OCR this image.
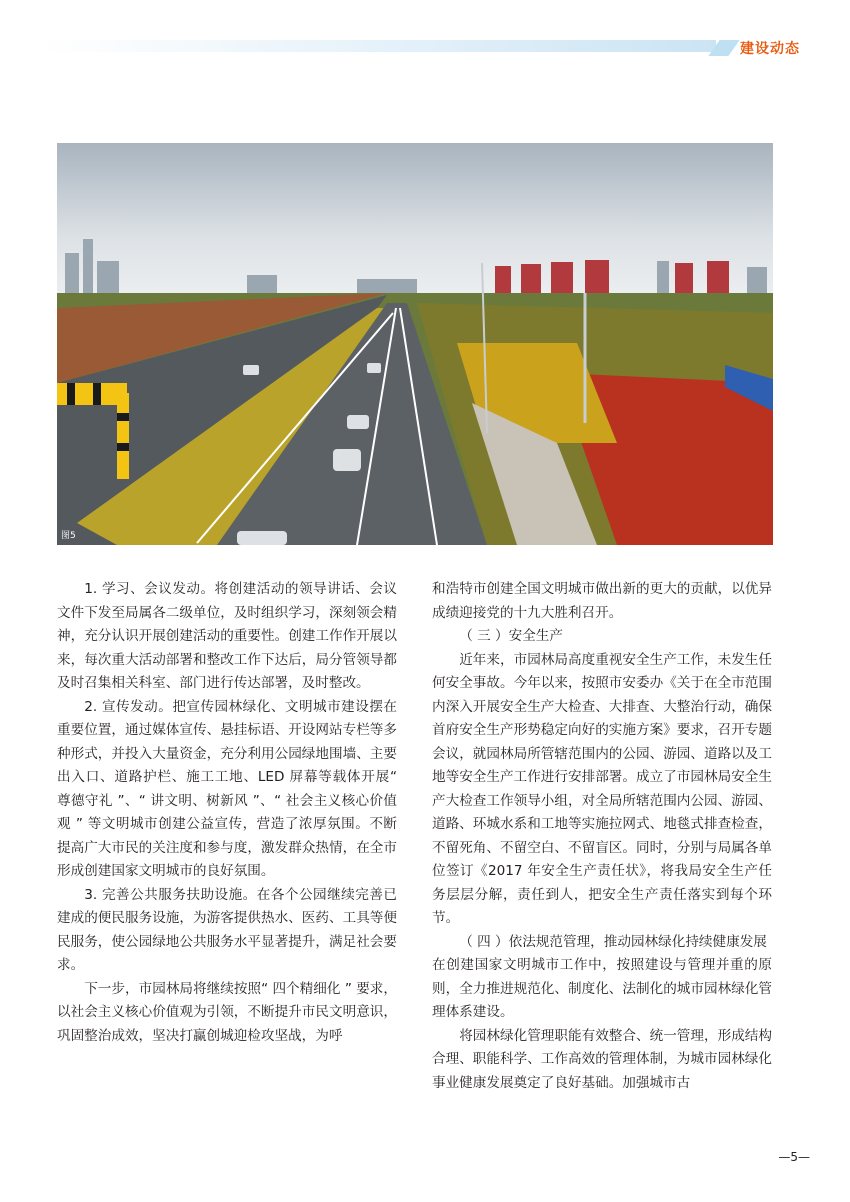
建设动态
图5

1. 学习、会议发动。将创建活动的领导讲话、会议文件下发至局属各二级单位，及时组织学习，深刻领会精神，充分认识开展创建活动的重要性。创建工作作开展以来，每次重大活动部署和整改工作下达后，局分管领导都及时召集相关科室、部门进行传达部署，及时整改。

2. 宣传发动。把宣传园林绿化、文明城市建设摆在重要位置，通过媒体宣传、悬挂标语、开设网站专栏等多种形式，并投入大量资金，充分利用公园绿地围墙、主要出入口、道路护栏、施工工地、LED 屏幕等载体开展“ 尊德守礼 ”、“ 讲文明、树新风 ”、“ 社会主义核心价值观 ” 等文明城市创建公益宣传，营造了浓厚氛围。不断提高广大市民的关注度和参与度，激发群众热情，在全市形成创建国家文明城市的良好氛围。

3. 完善公共服务扶助设施。在各个公园继续完善已建成的便民服务设施，为游客提供热水、医药、工具等便民服务，使公园绿地公共服务水平显著提升，满足社会要求。

下一步，市园林局将继续按照“ 四个精细化 ” 要求，以社会主义核心价值观为引领，不断提升市民文明意识，巩固整治成效，坚决打赢创城迎检攻坚战，为呼

和浩特市创建全国文明城市做出新的更大的贡献，以优异成绩迎接党的十九大胜利召开。

（ 三 ）安全生产

近年来，市园林局高度重视安全生产工作，未发生任何安全事故。今年以来，按照市安委办《关于在全市范围内深入开展安全生产大检查、大排查、大整治行动，确保首府安全生产形势稳定向好的实施方案》要求，召开专题会议，就园林局所管辖范围内的公园、游园、道路以及工地等安全生产工作进行安排部署。成立了市园林局安全生产大检查工作领导小组，对全局所辖范围内公园、游园、道路、环城水系和工地等实施拉网式、地毯式排查检查，不留死角、不留空白、不留盲区。同时，分别与局属各单位签订《2017 年安全生产责任状》，将我局安全生产任务层层分解，责任到人，把安全生产责任落实到每个环节。

（ 四 ）依法规范管理，推动园林绿化持续健康发展

在创建国家文明城市工作中，按照建设与管理并重的原则，全力推进规范化、制度化、法制化的城市园林绿化管理体系建设。

将园林绿化管理职能有效整合、统一管理，形成结构合理、职能科学、工作高效的管理体制，为城市园林绿化事业健康发展奠定了良好基础。加强城市古

—5—
